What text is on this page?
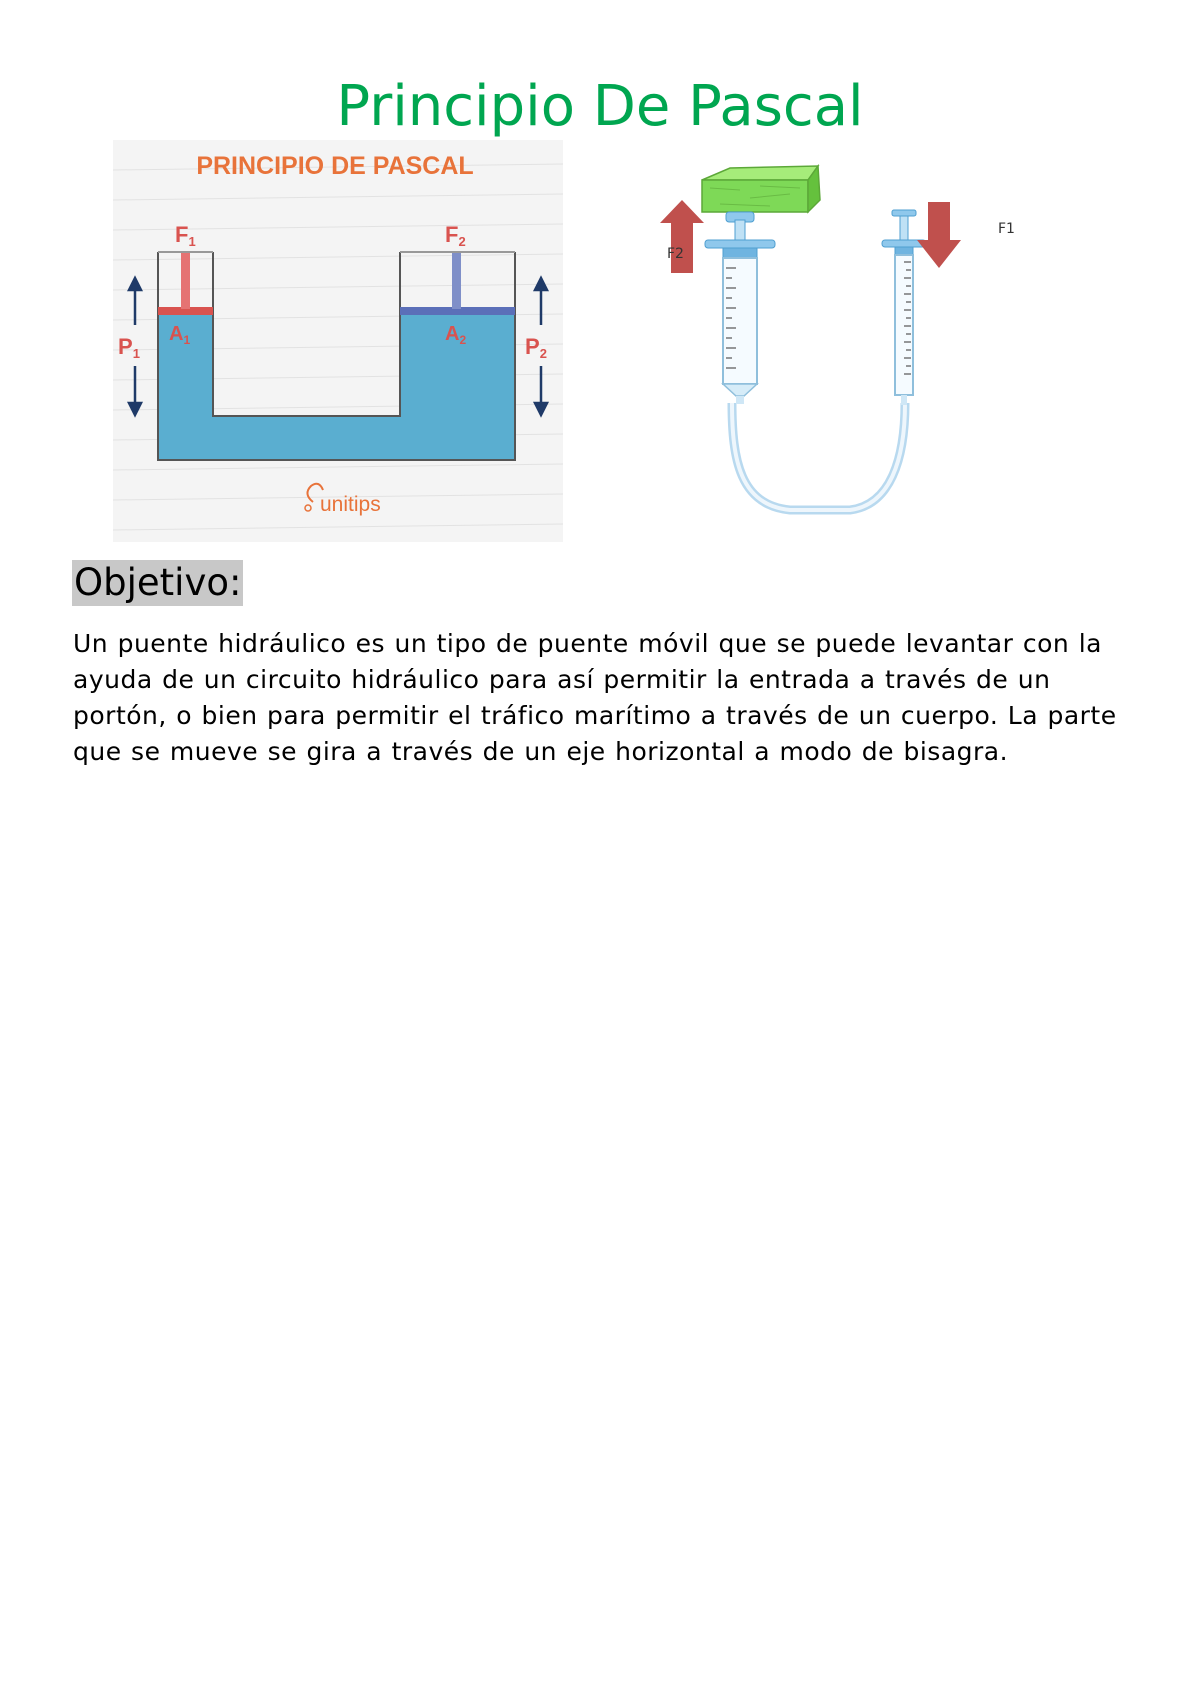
Principio De Pascal
PRINCIPIO DE PASCAL
F1	F2
$A_1$	$A_2$
P1	P2
unitips
F2
F1
Objetivo:
Un puente hidráulico es un tipo de puente móvil que se puede levantar con la ayuda de un circuito hidráulico para así permitir la entrada a través de un portón, o bien para permitir el tráfico marítimo a través de un cuerpo. La parte que se mueve se gira a través de un eje horizontal a modo de bisagra.
